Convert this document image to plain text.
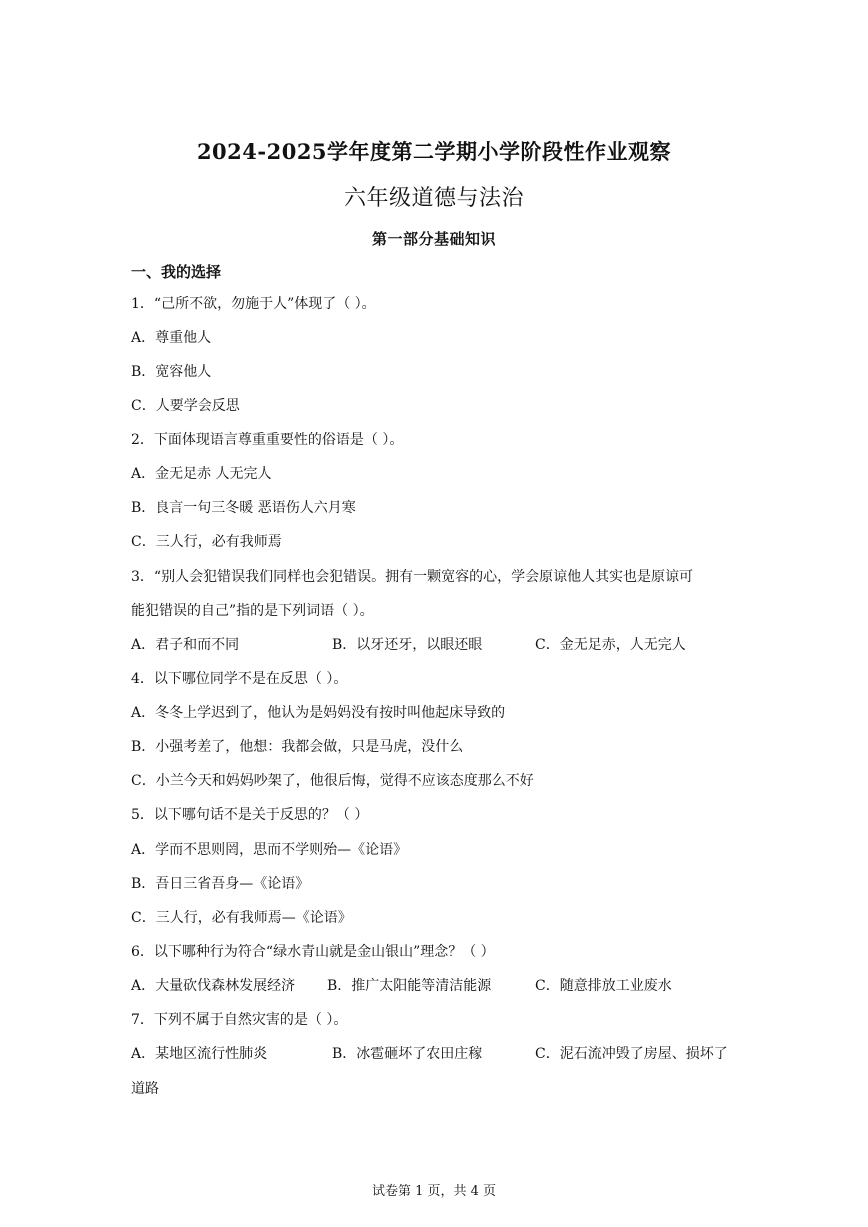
2024-2025学年度第二学期小学阶段性作业观察
六年级道德与法治
第一部分基础知识
一、我的选择
1．“己所不欲，勿施于人”体现了（ ）。
A．尊重他人
B．宽容他人
C．人要学会反思
2．下面体现语言尊重重要性的俗语是（ ）。
A．金无足赤 人无完人
B．良言一句三冬暖 恶语伤人六月寒
C．三人行，必有我师焉
3．“别人会犯错误我们同样也会犯错误。拥有一颗宽容的心，学会原谅他人其实也是原谅可
能犯错误的自己”指的是下列词语（ ）。
A．君子和而不同	B．以牙还牙，以眼还眼	C．金无足赤，人无完人
4．以下哪位同学不是在反思（ ）。
A．冬冬上学迟到了，他认为是妈妈没有按时叫他起床导致的
B．小强考差了，他想：我都会做，只是马虎，没什么
C．小兰今天和妈妈吵架了，他很后悔，觉得不应该态度那么不好
5．以下哪句话不是关于反思的？（ ）
A．学而不思则罔，思而不学则殆—《论语》
B．吾日三省吾身—《论语》
C．三人行，必有我师焉—《论语》
6．以下哪种行为符合“绿水青山就是金山银山”理念？（ ）
A．大量砍伐森林发展经济 B．推广太阳能等清洁能源	C．随意排放工业废水
7．下列不属于自然灾害的是（ ）。
A．某地区流行性肺炎	B．冰雹砸坏了农田庄稼	C．泥石流冲毁了房屋、损坏了
道路
试卷第 1 页，共 4 页
